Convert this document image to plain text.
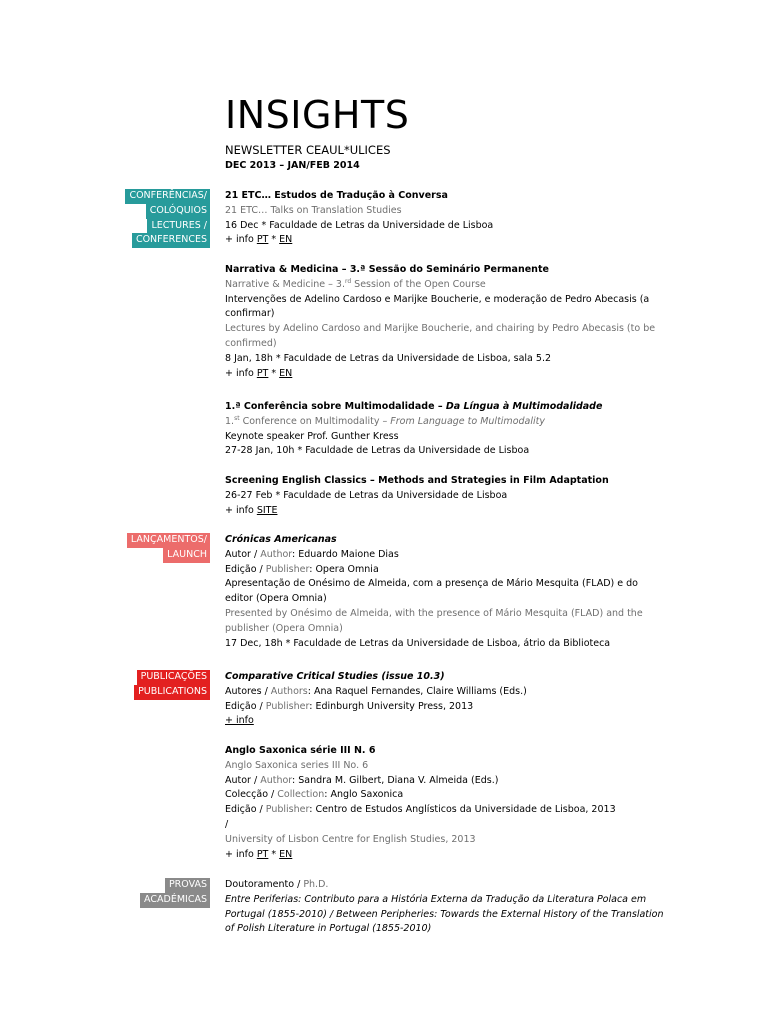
INSIGHTS
NEWSLETTER CEAUL*ULICES
DEC 2013 – JAN/FEB 2014
CONFERÊNCIAS/
COLÓQUIOS
LECTURES /
CONFERENCES
LANÇAMENTOS/
LAUNCH
PUBLICAÇÕES
PUBLICATIONS
PROVAS
ACADÉMICAS
21 ETC… Estudos de Tradução à Conversa
21 ETC… Talks on Translation Studies
16 Dec * Faculdade de Letras da Universidade de Lisboa
+ info PT * EN
Narrativa & Medicina – 3.ª Sessão do Seminário Permanente
Narrative & Medicine – 3.$^{rd}$ Session of the Open Course
Intervenções de Adelino Cardoso e Marijke Boucherie, e moderação de Pedro Abecasis (a confirmar)
Lectures by Adelino Cardoso and Marijke Boucherie, and chairing by Pedro Abecasis (to be confirmed)
8 Jan, 18h * Faculdade de Letras da Universidade de Lisboa, sala 5.2
+ info PT * EN
1.ª Conferência sobre Multimodalidade – Da Língua à Multimodalidade
1.$^{st}$ Conference on Multimodality – From Language to Multimodality
Keynote speaker Prof. Gunther Kress
27-28 Jan, 10h * Faculdade de Letras da Universidade de Lisboa
Screening English Classics – Methods and Strategies in Film Adaptation
26-27 Feb * Faculdade de Letras da Universidade de Lisboa
+ info SITE
Crónicas Americanas
Autor / Author: Eduardo Maione Dias
Edição / Publisher: Opera Omnia
Apresentação de Onésimo de Almeida, com a presença de Mário Mesquita (FLAD) e do editor (Opera Omnia)
Presented by Onésimo de Almeida, with the presence of Mário Mesquita (FLAD) and the publisher (Opera Omnia)
17 Dec, 18h * Faculdade de Letras da Universidade de Lisboa, átrio da Biblioteca
Comparative Critical Studies (issue 10.3)
Autores / Authors: Ana Raquel Fernandes, Claire Williams (Eds.)
Edição / Publisher: Edinburgh University Press, 2013
+ info
Anglo Saxonica série III N. 6
Anglo Saxonica series III No. 6
Autor / Author: Sandra M. Gilbert, Diana V. Almeida (Eds.)
Colecção / Collection: Anglo Saxonica
Edição / Publisher: Centro de Estudos Anglísticos da Universidade de Lisboa, 2013
/
University of Lisbon Centre for English Studies, 2013
+ info PT * EN
Doutoramento / Ph.D.
Entre Periferias: Contributo para a História Externa da Tradução da Literatura Polaca em Portugal (1855-2010) / Between Peripheries: Towards the External History of the Translation of Polish Literature in Portugal (1855-2010)
